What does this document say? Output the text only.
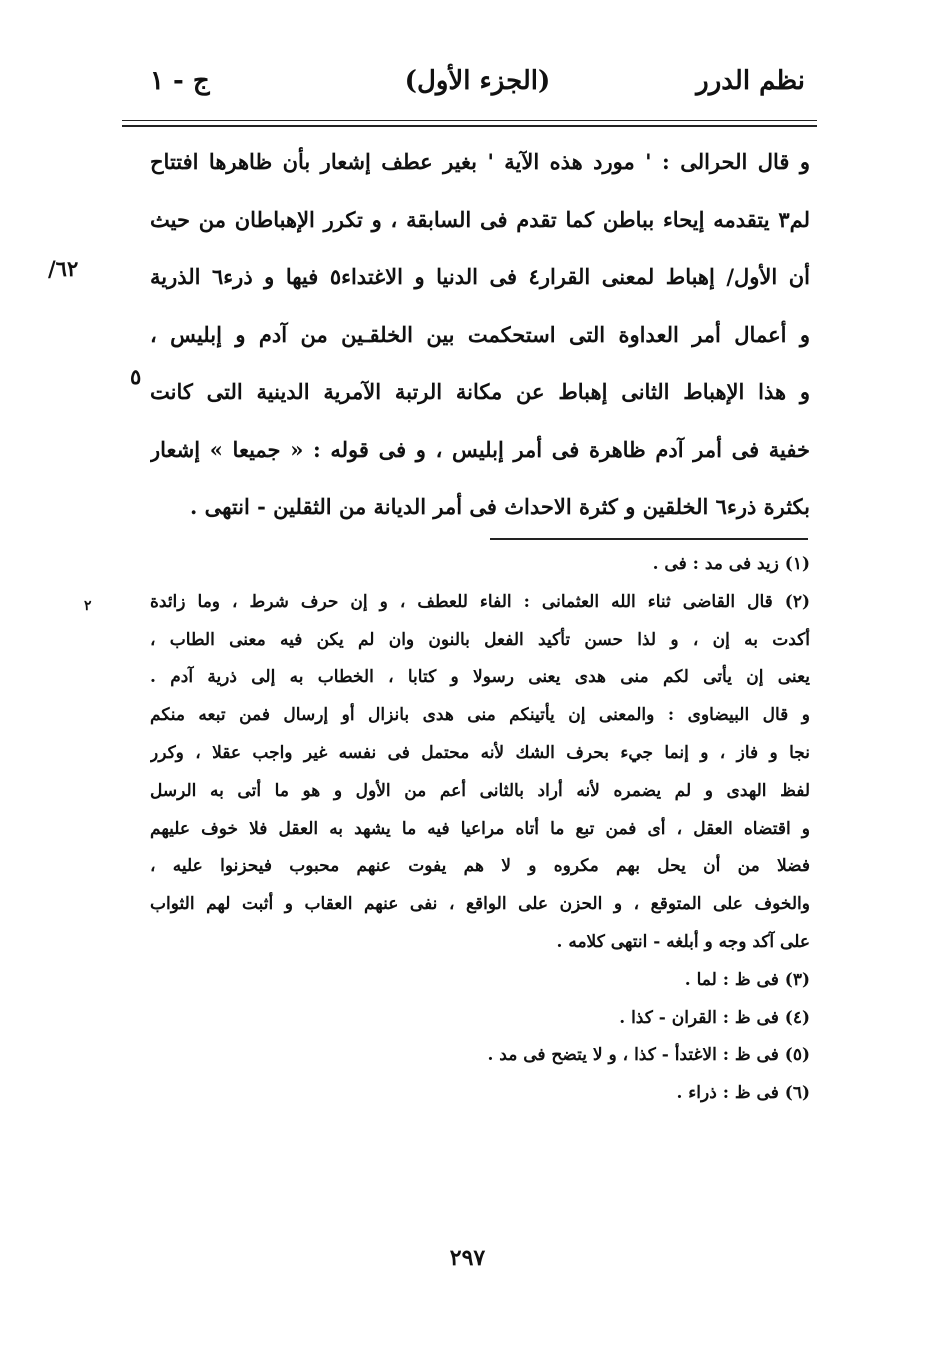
نظم الدرر
(الجزء الأول)
ج - ١
٦٢/
٥
٢
و قال الحرالى : ' مورد هذه الآية ' بغير عطف إشعار بأن ظاهرها افتتاح
لم٣ يتقدمه إيحاء بباطن كما تقدم فى السابقة ، و تكرر الإهباطان من حيث
أن الأول/ إهباط لمعنى القرار٤ فى الدنيا و الاغتداء٥ فيها و ذرء٦ الذرية
و أعمال أمر العداوة التى استحكمت بين الخلقـين من آدم و إبليس ،
و هذا الإهباط الثانى إهباط عن مكانة الرتبة الآمرية الدينية التى كانت
خفية فى أمر آدم ظاهرة فى أمر إبليس ، و فى قوله : « جميعا » إشعار
بكثرة ذرء٦ الخلقين و كثرة الاحداث فى أمر الديانة من الثقلين - انتهى .
(١) زيد فى مد : فى .
(٢) قال القاضى ثناء الله العثمانى : الفاء للعطف ، و إن حرف شرط ، وما زائدة
أكدت به إن ، و لذا حسن تأكيد الفعل بالنون وان لم يكن فيه معنى الطاب ،
يعنى إن يأتى لكم منى هدى يعنى رسولا و كتابا ، الخطاب به إلى ذرية آدم .
و قال البيضاوى : والمعنى إن يأتينكم منى هدى بانزال أو إرسال فمن تبعه منكم
نجا و فاز ، و إنما جيء بحرف الشك لأنه محتمل فى نفسه غير واجب عقلا ، وكرر
لفظ الهدى و لم يضمره لأنه أراد بالثانى أعم من الأول و هو ما أتى به الرسل
و اقتضاه العقل ، أى فمن تبع ما أتاه مراعيا فيه ما يشهد به العقل فلا خوف عليهم
فضلا من أن يحل بهم مكروه و لا هم يفوت عنهم محبوب فيحزنوا عليه ،
والخوف على المتوقع ، و الحزن على الواقع ، نفى عنهم العقاب و أثبت لهم الثواب
على آكد وجه و أبلغه - انتهى كلامه .
(٣) فى ظ : لما .
(٤) فى ظ : القران - كذا .
(٥) فى ظ : الاغتدأ - كذا ، و لا يتضح فى مد .
(٦) فى ظ : ذراء .
٢٩٧
